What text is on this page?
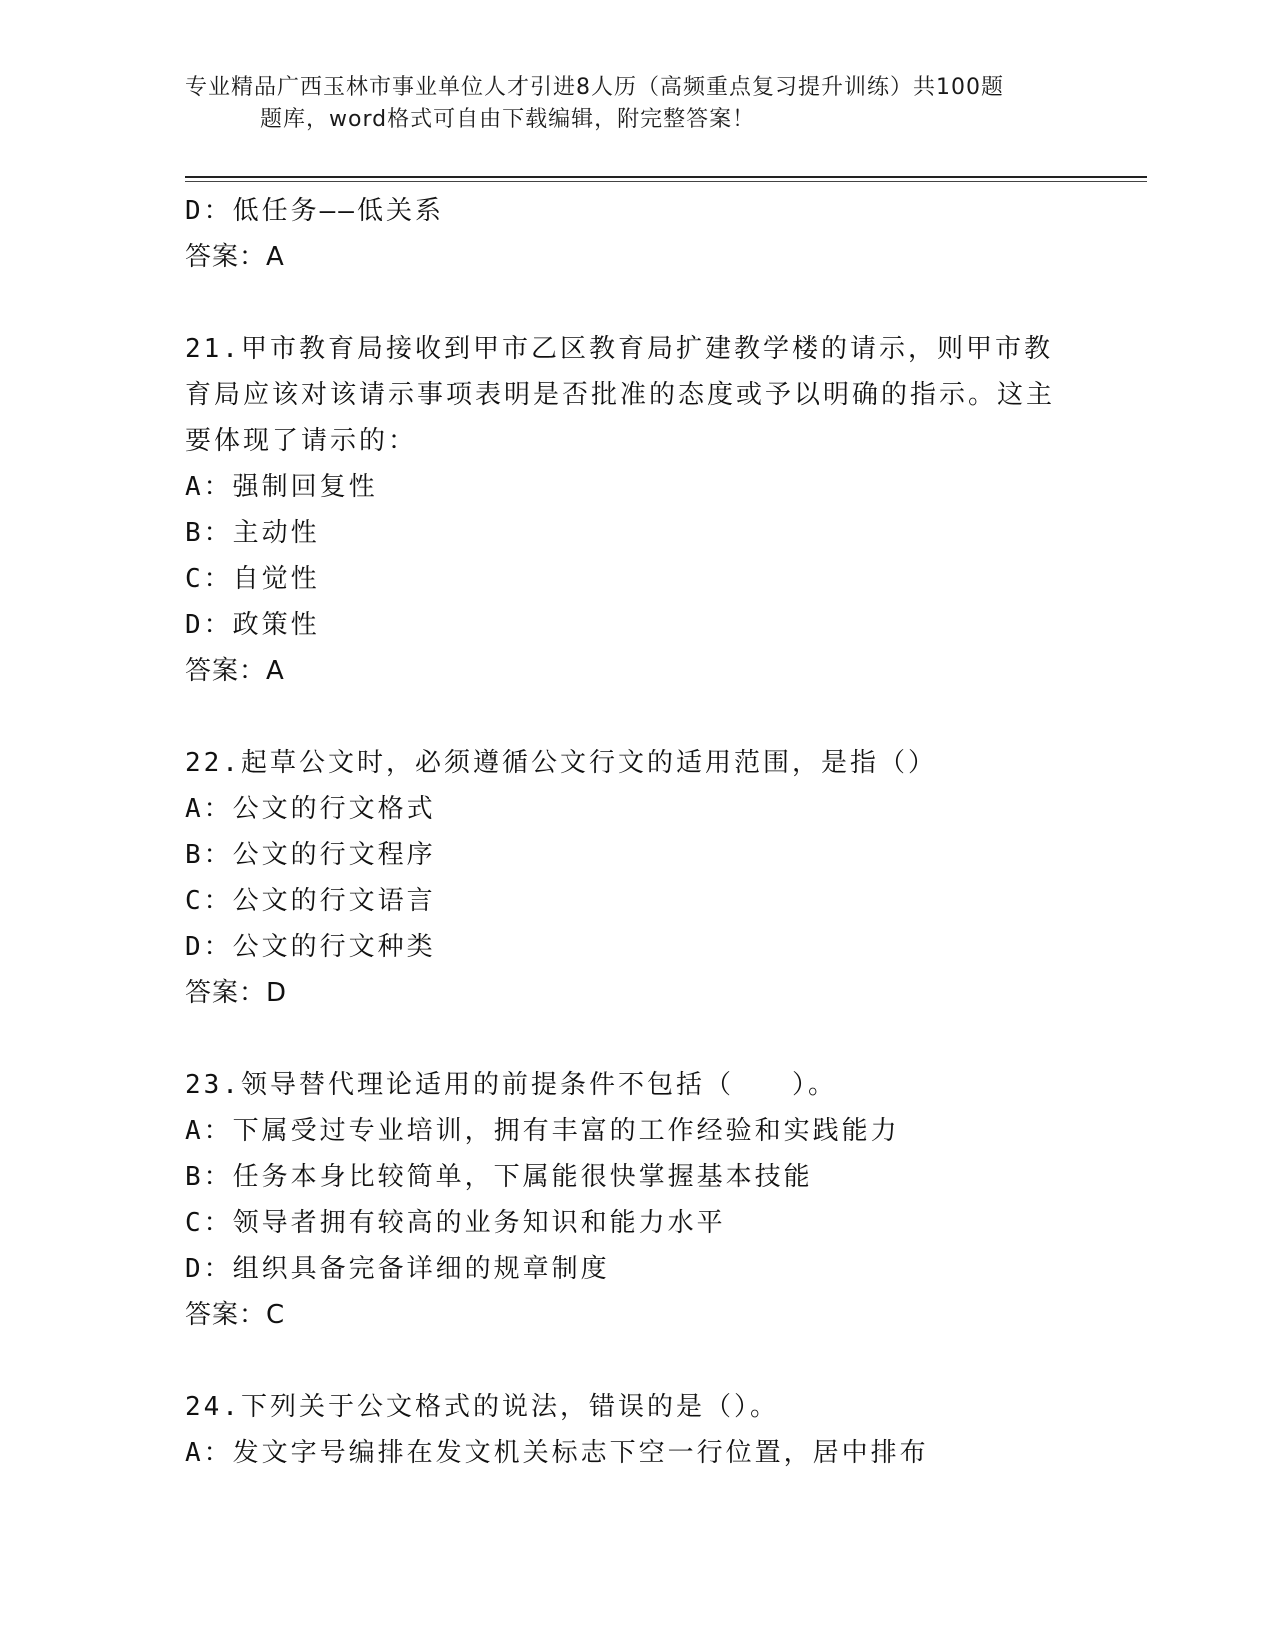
专业精品广西玉林市事业单位人才引进8人历（高频重点复习提升训练）共100题
题库，word格式可自由下载编辑，附完整答案！
D：低任务——低关系
答案：A
21.甲市教育局接收到甲市乙区教育局扩建教学楼的请示，则甲市教育局应该对该请示事项表明是否批准的态度或予以明确的指示。这主要体现了请示的：
A：强制回复性
B：主动性
C：自觉性
D：政策性
答案：A
22.起草公文时，必须遵循公文行文的适用范围，是指（）
A：公文的行文格式
B：公文的行文程序
C：公文的行文语言
D：公文的行文种类
答案：D
23.领导替代理论适用的前提条件不包括（　　）。
A：下属受过专业培训，拥有丰富的工作经验和实践能力
B：任务本身比较简单，下属能很快掌握基本技能
C：领导者拥有较高的业务知识和能力水平
D：组织具备完备详细的规章制度
答案：C
24.下列关于公文格式的说法，错误的是（）。
A：发文字号编排在发文机关标志下空一行位置，居中排布
